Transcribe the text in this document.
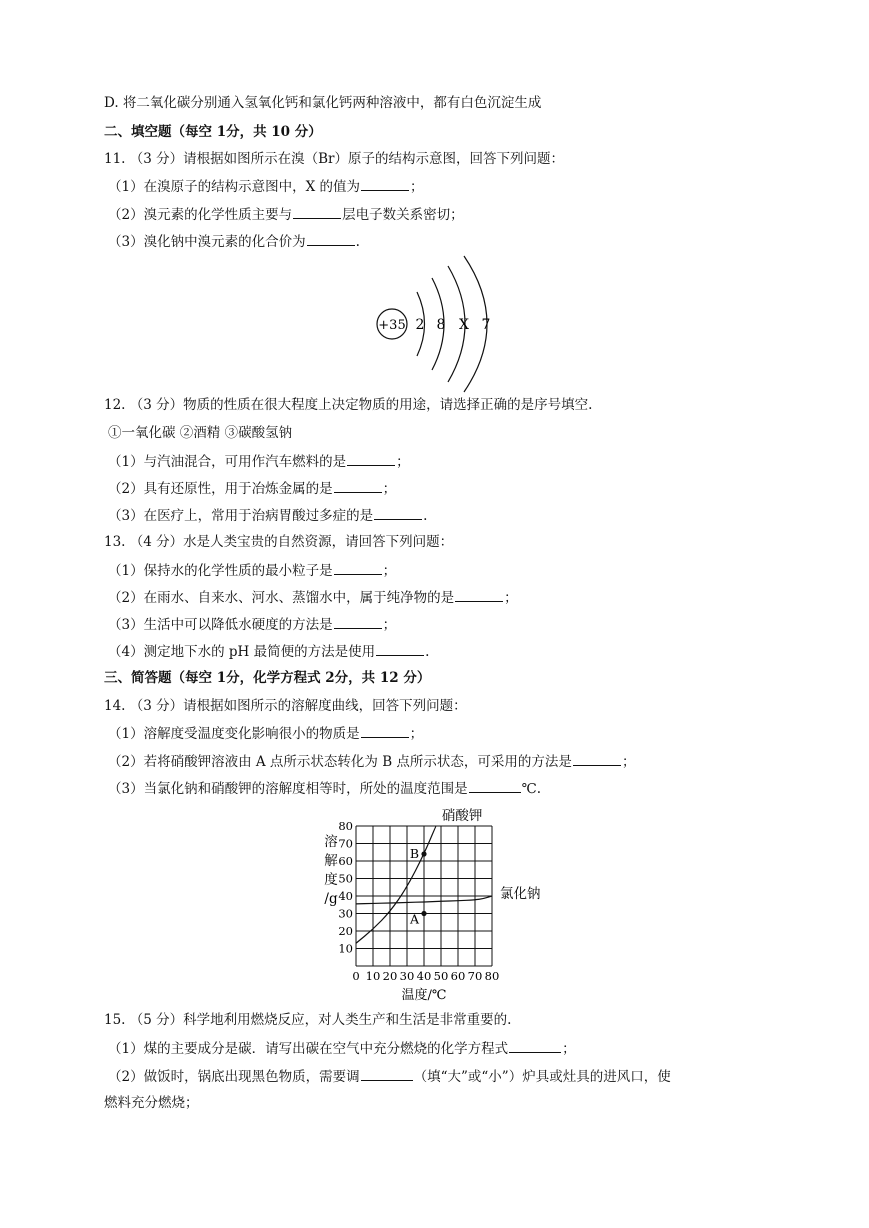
D. 将二氧化碳分别通入氢氧化钙和氯化钙两种溶液中，都有白色沉淀生成
二、填空题（每空 1分，共 10 分）
11. （3 分）请根据如图所示在溴（Br）原子的结构示意图，回答下列问题：
（1）在溴原子的结构示意图中，X 的值为	；
（2）溴元素的化学性质主要与	层电子数关系密切；
（3）溴化钠中溴元素的化合价为	.
+35 2 8 X 7
12. （3 分）物质的性质在很大程度上决定物质的用途，请选择正确的是序号填空.
①一氧化碳 ②酒精 ③碳酸氢钠
（1）与汽油混合，可用作汽车燃料的是	；
（2）具有还原性，用于冶炼金属的是	；
（3）在医疗上，常用于治病胃酸过多症的是	.
13. （4 分）水是人类宝贵的自然资源，请回答下列问题：
（1）保持水的化学性质的最小粒子是	；
（2）在雨水、自来水、河水、蒸馏水中，属于纯净物的是	；
（3）生活中可以降低水硬度的方法是	；
（4）测定地下水的 pH 最简便的方法是使用	.
三、简答题（每空 1分，化学方程式 2分，共 12 分）
14. （3 分）请根据如图所示的溶解度曲线，回答下列问题：
（1）溶解度受温度变化影响很小的物质是	；
（2）若将硝酸钾溶液由 A 点所示状态转化为 B 点所示状态，可采用的方法是	；
（3）当氯化钠和硝酸钾的溶解度相等时，所处的温度范围是	℃.
10
20
30
40
50
60
70
80
0 10 20 30 40 50 60 70 80
温度/℃
溶
解
度
/g
硝酸钾
氯化钠
A
B
15. （5 分）科学地利用燃烧反应，对人类生产和生活是非常重要的.
（1）煤的主要成分是碳．请写出碳在空气中充分燃烧的化学方程式	；
（2）做饭时，锅底出现黑色物质，需要调	（填“大”或“小”）炉具或灶具的进风口，使
燃料充分燃烧；
